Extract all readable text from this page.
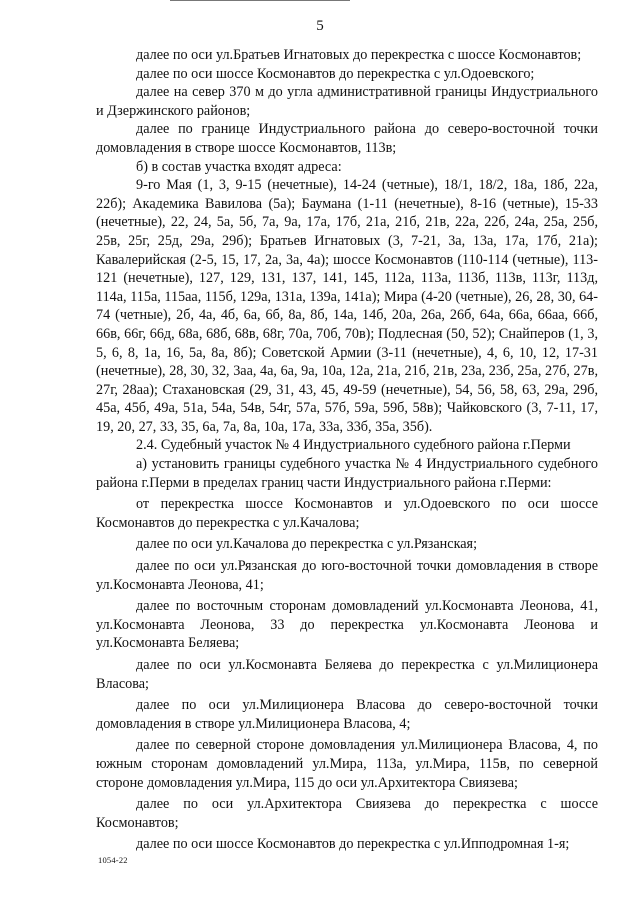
5

далее по оси ул.Братьев Игнатовых до перекрестка с шоссе Космонавтов;

далее по оси шоссе Космонавтов до перекрестка с ул.Одоевского;

далее на север 370 м до угла административной границы Индустриального и Дзержинского районов;

далее по границе Индустриального района до северо-восточной точки домовладения в створе шоссе Космонавтов, 113в;

б) в состав участка входят адреса:

9-го Мая (1, 3, 9-15 (нечетные), 14-24 (четные), 18/1, 18/2, 18а, 18б, 22а, 22б); Академика Вавилова (5а); Баумана (1-11 (нечетные), 8-16 (четные), 15-33 (нечетные), 22, 24, 5а, 5б, 7а, 9а, 17а, 17б, 21а, 21б, 21в, 22а, 22б, 24а, 25а, 25б, 25в, 25г, 25д, 29а, 29б); Братьев Игнатовых (3, 7-21, 3а, 13а, 17а, 17б, 21а); Кавалерийская (2-5, 15, 17, 2а, 3а, 4а); шоссе Космонавтов (110-114 (четные), 113-121 (нечетные), 127, 129, 131, 137, 141, 145, 112а, 113а, 113б, 113в, 113г, 113д, 114а, 115а, 115аа, 115б, 129а, 131а, 139а, 141а); Мира (4-20 (четные), 26, 28, 30, 64-74 (четные), 2б, 4а, 4б, 6а, 6б, 8а, 8б, 14а, 14б, 20а, 26а, 26б, 64а, 66а, 66аа, 66б, 66в, 66г, 66д, 68а, 68б, 68в, 68г, 70а, 70б, 70в); Подлесная (50, 52); Снайперов (1, 3, 5, 6, 8, 1а, 16, 5а, 8а, 8б); Советской Армии (3-11 (нечетные), 4, 6, 10, 12, 17-31 (нечетные), 28, 30, 32, 3аа, 4а, 6а, 9а, 10а, 12а, 21а, 21б, 21в, 23а, 23б, 25а, 27б, 27в, 27г, 28аа); Стахановская (29, 31, 43, 45, 49-59 (нечетные), 54, 56, 58, 63, 29а, 29б, 45а, 45б, 49а, 51а, 54а, 54в, 54г, 57а, 57б, 59а, 59б, 58в); Чайковского (3, 7-11, 17, 19, 20, 27, 33, 35, 6а, 7а, 8а, 10а, 17а, 33а, 33б, 35а, 35б).

2.4. Судебный участок № 4 Индустриального судебного района г.Перми

а) установить границы судебного участка № 4 Индустриального судебного района г.Перми в пределах границ части Индустриального района г.Перми:

от перекрестка шоссе Космонавтов и ул.Одоевского по оси шоссе Космонавтов до перекрестка с ул.Качалова;

далее по оси ул.Качалова до перекрестка с ул.Рязанская;

далее по оси ул.Рязанская до юго-восточной точки домовладения в створе ул.Космонавта Леонова, 41;

далее по восточным сторонам домовладений ул.Космонавта Леонова, 41, ул.Космонавта Леонова, 33 до перекрестка ул.Космонавта Леонова и ул.Космонавта Беляева;

далее по оси ул.Космонавта Беляева до перекрестка с ул.Милиционера Власова;

далее по оси ул.Милиционера Власова до северо-восточной точки домовладения в створе ул.Милиционера Власова, 4;

далее по северной стороне домовладения ул.Милиционера Власова, 4, по южным сторонам домовладений ул.Мира, 113а, ул.Мира, 115в, по северной стороне домовладения ул.Мира, 115 до оси ул.Архитектора Свиязева;

далее по оси ул.Архитектора Свиязева до перекрестка с шоссе Космонавтов;

далее по оси шоссе Космонавтов до перекрестка с ул.Ипподромная 1-я;

1054-22
